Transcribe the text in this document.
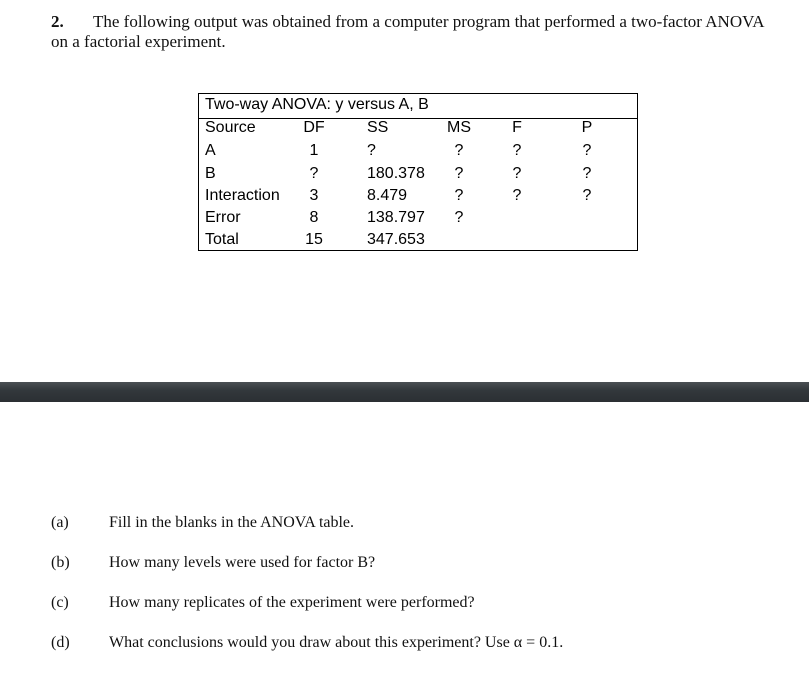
2. The following output was obtained from a computer program that performed a two-factor ANOVA
on a factorial experiment.
Two-way ANOVA: y versus A, B
Source	DF	SS	MS	F	P
A	1	?	?	?	?
B	?	180.378	?	?	?
Interaction	3	8.479	?	?	?
Error	8	138.797	?
Total	15	347.653
(a)	Fill in the blanks in the ANOVA table.
(b) How many levels were used for factor B?
(c)	How many replicates of the experiment were performed?
(d) What conclusions would you draw about this experiment? Use α = 0.1.
